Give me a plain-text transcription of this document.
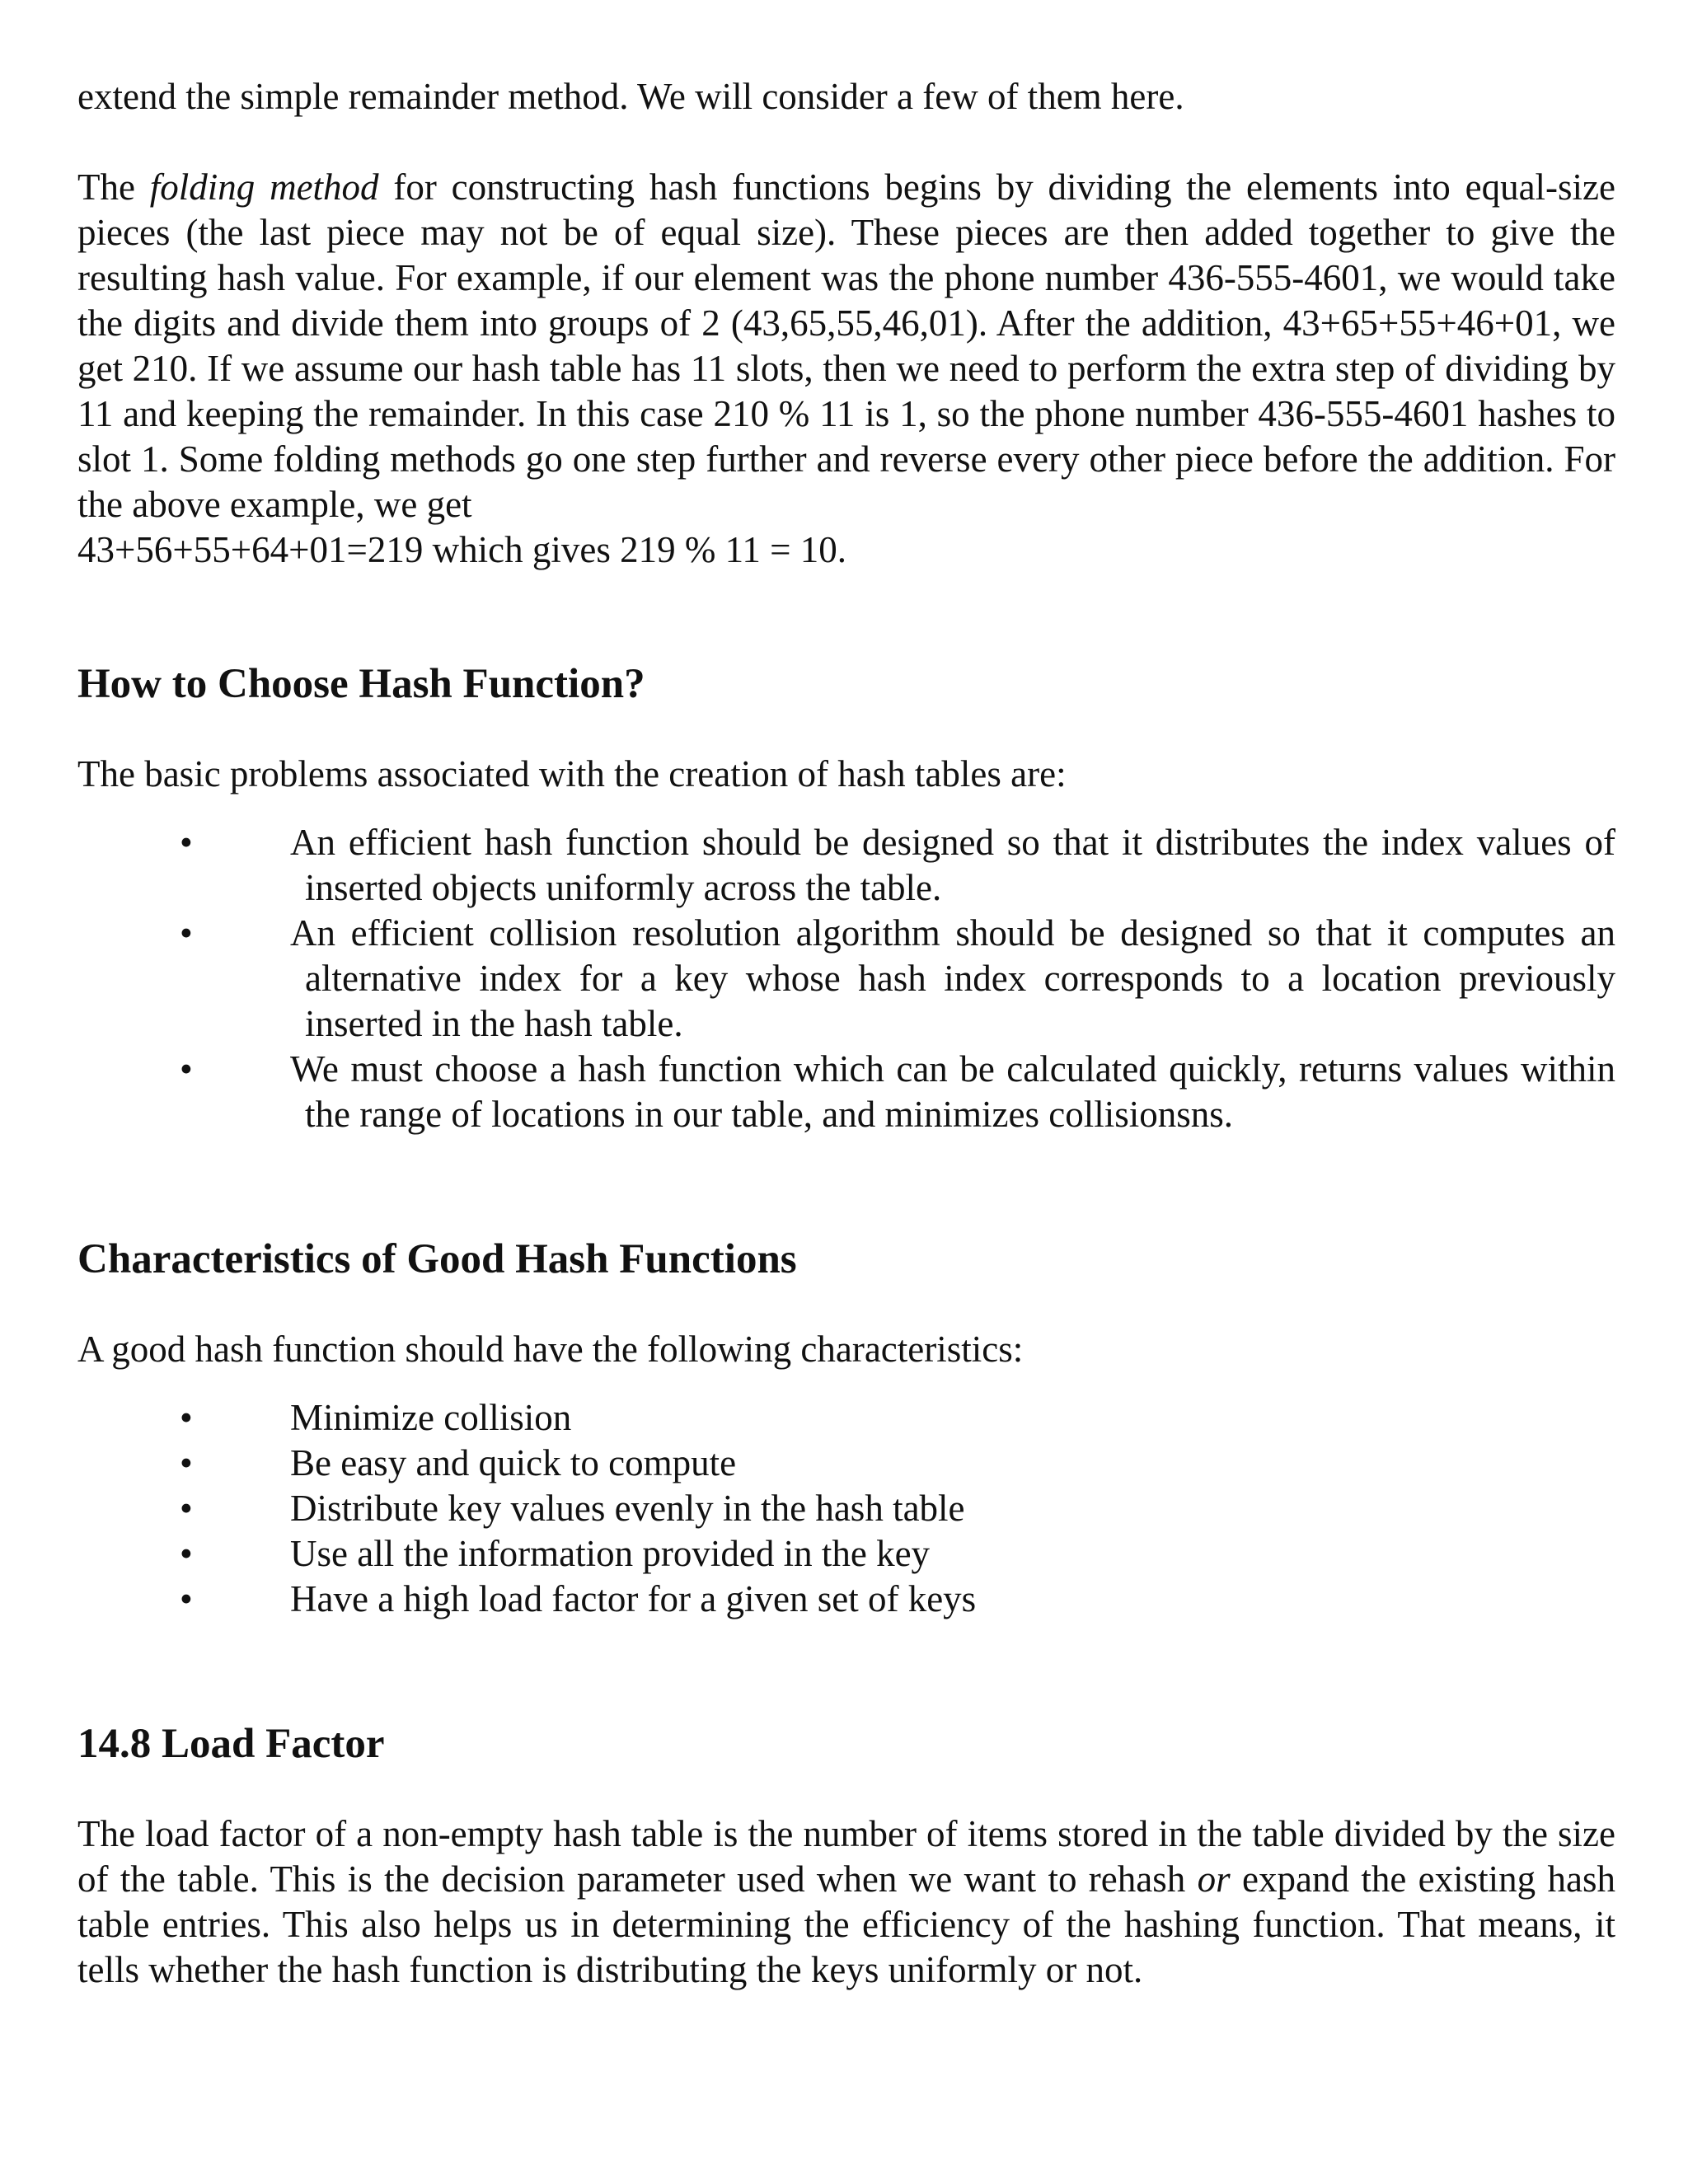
extend the simple remainder method. We will consider a few of them here.

The folding method for constructing hash functions begins by dividing the elements into equal-size pieces (the last piece may not be of equal size). These pieces are then added together to give the resulting hash value. For example, if our element was the phone number 436-555-4601, we would take the digits and divide them into groups of 2 (43,65,55,46,01). After the addition, 43+65+55+46+01, we get 210. If we assume our hash table has 11 slots, then we need to perform the extra step of dividing by 11 and keeping the remainder. In this case 210 % 11 is 1, so the phone number 436-555-4601 hashes to slot 1. Some folding methods go one step further and reverse every other piece before the addition. For the above example, we get

43+56+55+64+01=219 which gives 219 % 11 = 10.

How to Choose Hash Function?

The basic problems associated with the creation of hash tables are:

•	An efficient hash function should be designed so that it distributes the index values of inserted objects uniformly across the table.
•	An efficient collision resolution algorithm should be designed so that it computes an alternative index for a key whose hash index corresponds to a location previously inserted in the hash table.
•	We must choose a hash function which can be calculated quickly, returns values within the range of locations in our table, and minimizes collisionsns.
Characteristics of Good Hash Functions

A good hash function should have the following characteristics:

•	Minimize collision
•	Be easy and quick to compute
•	Distribute key values evenly in the hash table
•	Use all the information provided in the key
•	Have a high load factor for a given set of keys
14.8 Load Factor

The load factor of a non-empty hash table is the number of items stored in the table divided by the size of the table. This is the decision parameter used when we want to rehash or expand the existing hash table entries. This also helps us in determining the efficiency of the hashing function. That means, it tells whether the hash function is distributing the keys uniformly or not.
